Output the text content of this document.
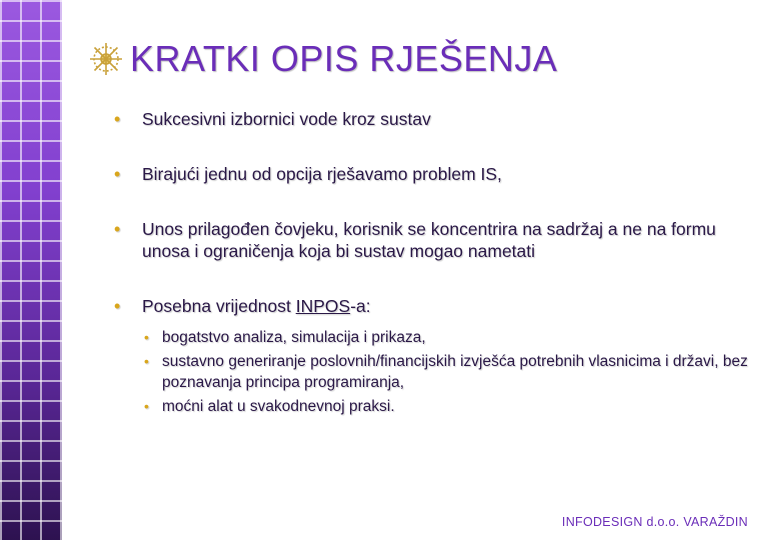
KRATKI OPIS RJEŠENJA
• Sukcesivni izbornici vode kroz sustav
• Birajući jednu od opcija rješavamo problem IS,
• Unos prilagođen čovjeku, korisnik se koncentrira na sadržaj a ne na formu unosa i ograničenja koja bi sustav mogao nametati
• Posebna vrijednost INPOS-a:
• bogatstvo analiza, simulacija i prikaza,
• sustavno generiranje poslovnih/financijskih izvješća potrebnih vlasnicima i državi, bez poznavanja principa programiranja,
• moćni alat u svakodnevnoj praksi.
INFODESIGN d.o.o. VARAŽDIN
